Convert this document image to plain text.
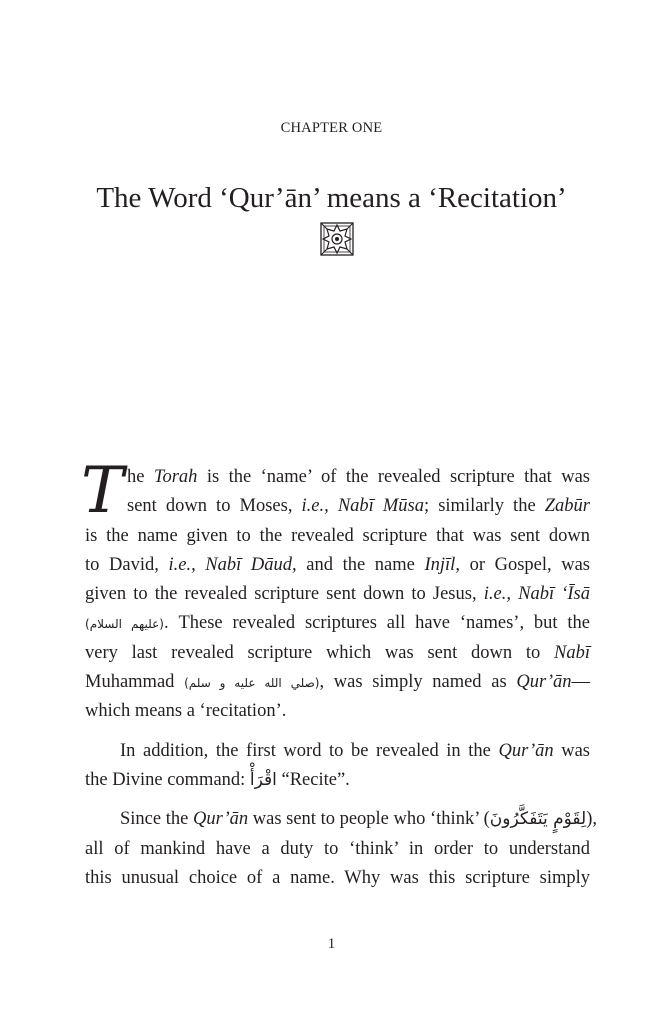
CHAPTER ONE
The Word ‘Qur’ān’ means a ‘Recitation’
T he Torah is the ‘name’ of the revealed scripture that was
sent down to Moses, i.e., Nabī Mūsa; similarly the Zabūr
is the name given to the revealed scripture that was sent down
to David, i.e., Nabī Dāud, and the name Injīl, or Gospel, was
given to the revealed scripture sent down to Jesus, i.e., Nabī ‘Īsā
(عليهم السلام). These revealed scriptures all have ‘names’, but the
very last revealed scripture which was sent down to Nabī
Muhammad (صلي الله عليه و سلم), was simply named as Qur’ān—
which means a ‘recitation’.
In addition, the first word to be revealed in the Qur’ān was
the Divine command: اقْرَأْ “Recite”.
Since the Qur’ān was sent to people who ‘think’ (لِقَوْمٍ يَتَفَكَّرُونَ),
all of mankind have a duty to ‘think’ in order to understand
this unusual choice of a name. Why was this scripture simply
1
